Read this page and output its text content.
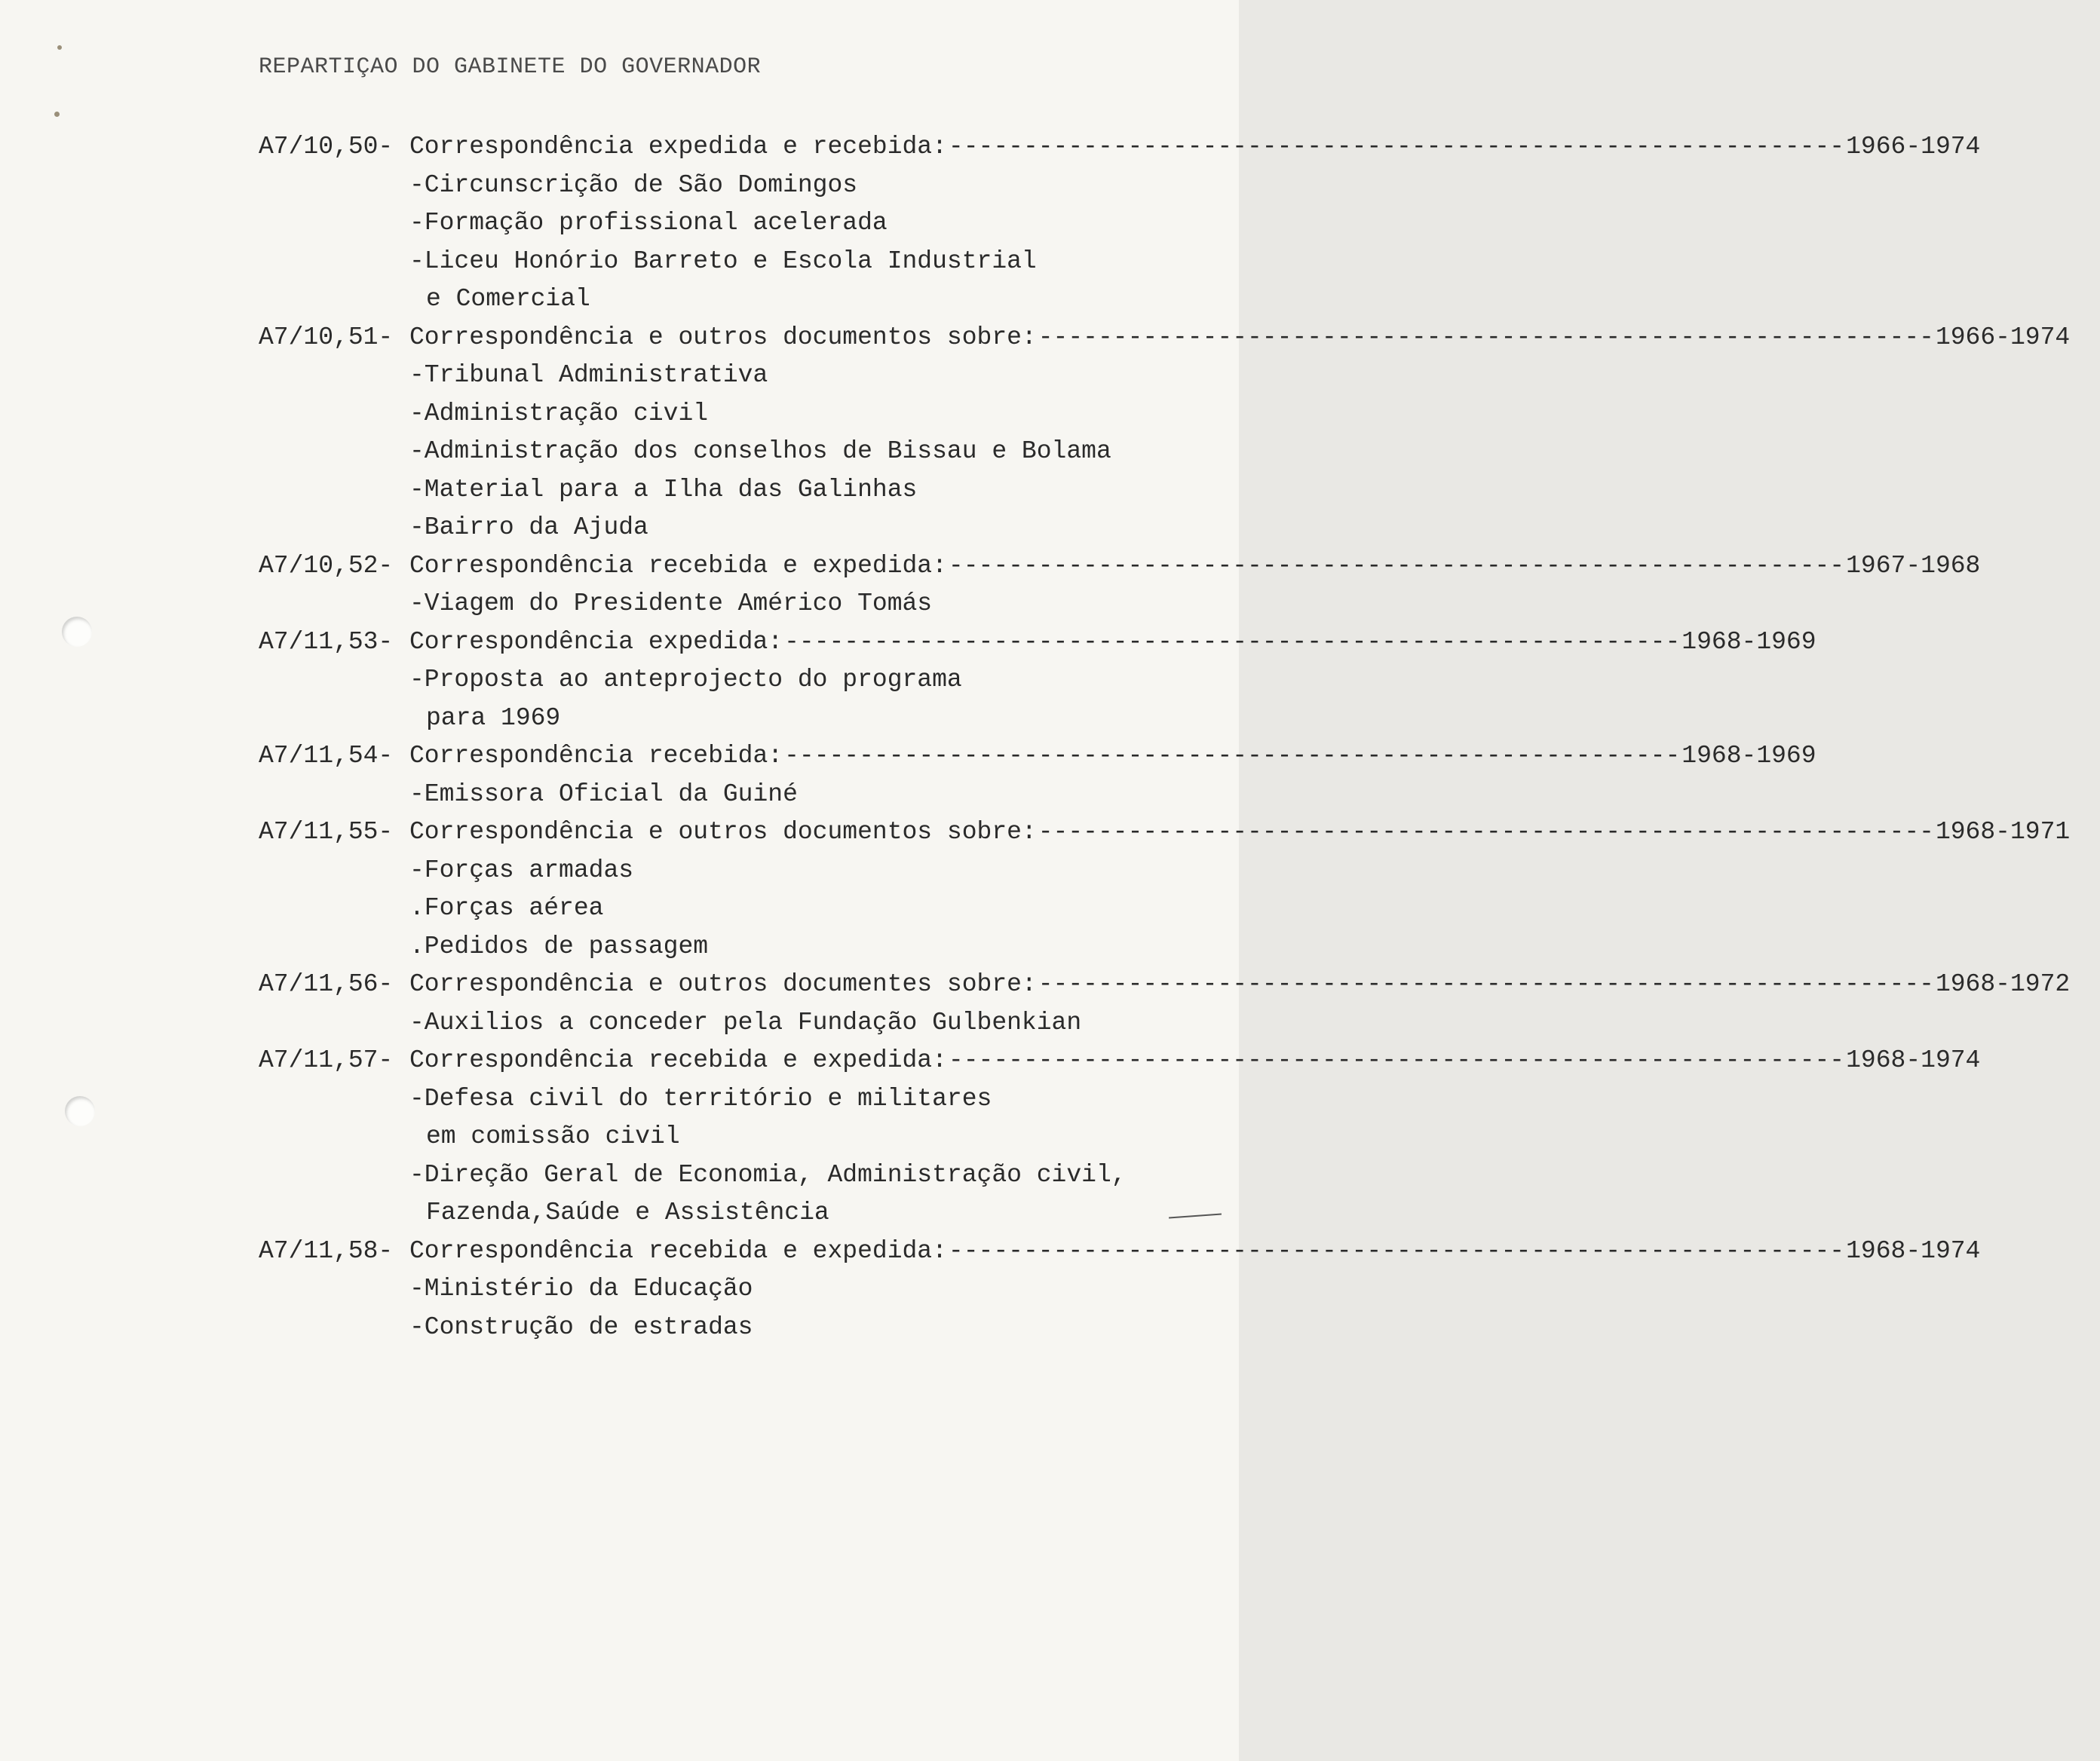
REPARTIÇAO DO GABINETE DO GOVERNADOR
A7/10,50- Correspondência expedida e recebida: ------------------------------------------------------------ 1966-1974
-Circunscrição de São Domingos
-Formação profissional acelerada
-Liceu Honório Barreto e Escola Industrial
e Comercial
A7/10,51- Correspondência e outros documentos sobre: ------------------------------------------------------------ 1966-1974
-Tribunal Administrativa
-Administração civil
-Administração dos conselhos de Bissau e Bolama
-Material para a Ilha das Galinhas
-Bairro da Ajuda
A7/10,52- Correspondência recebida e expedida: ------------------------------------------------------------ 1967-1968
-Viagem do Presidente Américo Tomás
A7/11,53- Correspondência expedida: ------------------------------------------------------------ 1968-1969
-Proposta ao anteprojecto do programa
para 1969
A7/11,54- Correspondência recebida: ------------------------------------------------------------ 1968-1969
-Emissora Oficial da Guiné
A7/11,55- Correspondência e outros documentos sobre: ------------------------------------------------------------ 1968-1971
-Forças armadas
.Forças aérea
.Pedidos de passagem
A7/11,56- Correspondência e outros documentes sobre: ------------------------------------------------------------ 1968-1972
-Auxilios a conceder pela Fundação Gulbenkian
A7/11,57- Correspondência recebida e expedida: ------------------------------------------------------------ 1968-1974
-Defesa civil do território e militares
em comissão civil
-Direção Geral de Economia, Administração civil,
Fazenda,Saúde e Assistência
A7/11,58- Correspondência recebida e expedida: ------------------------------------------------------------ 1968-1974
-Ministério da Educação
-Construção de estradas
